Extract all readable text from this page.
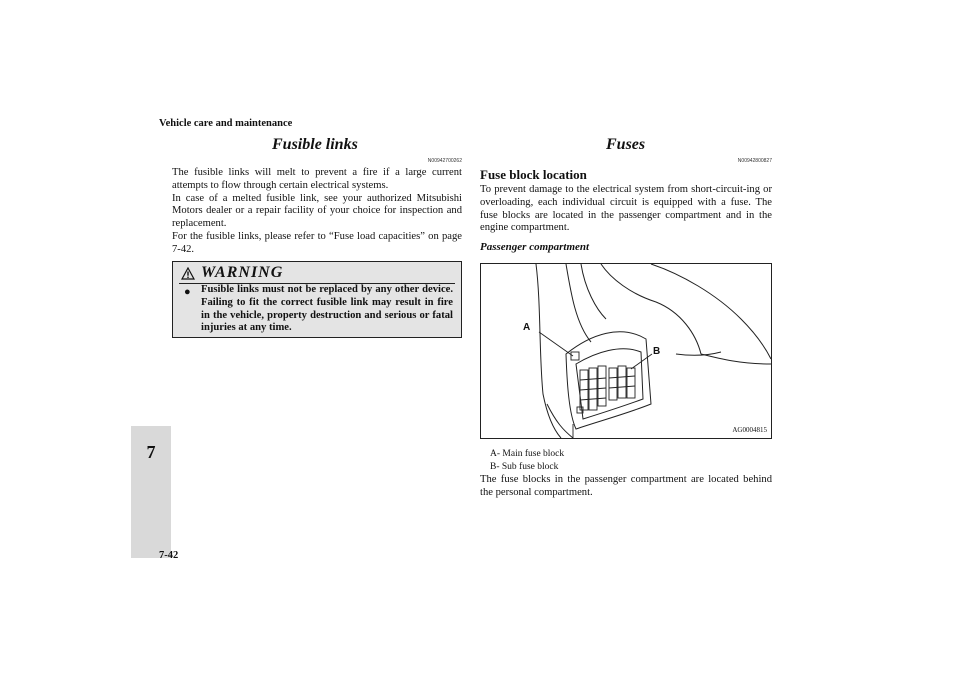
Vehicle care and maintenance
7
7-42
Fusible links
N00942700262

The fusible links will melt to prevent a fire if a large current attempts to flow through certain electrical systems.

In case of a melted fusible link, see your authorized Mitsubishi Motors dealer or a repair facility of your choice for inspection and replacement.

For the fusible links, please refer to “Fuse load capacities” on page 7-42.

WARNING
● Fusible links must not be replaced by any other device. Failing to fit the correct fusible link may result in fire in the vehicle, property destruction and serious or fatal injuries at any time.
Fuses
N00942800827
Fuse block location

To prevent damage to the electrical system from short-circuit-ing or overloading, each individual circuit is equipped with a fuse. The fuse blocks are located in the passenger compartment and in the engine compartment.

Passenger compartment
A
B
AG0004815
A- Main fuse block
B- Sub fuse block

The fuse blocks in the passenger compartment are located behind the personal compartment.
